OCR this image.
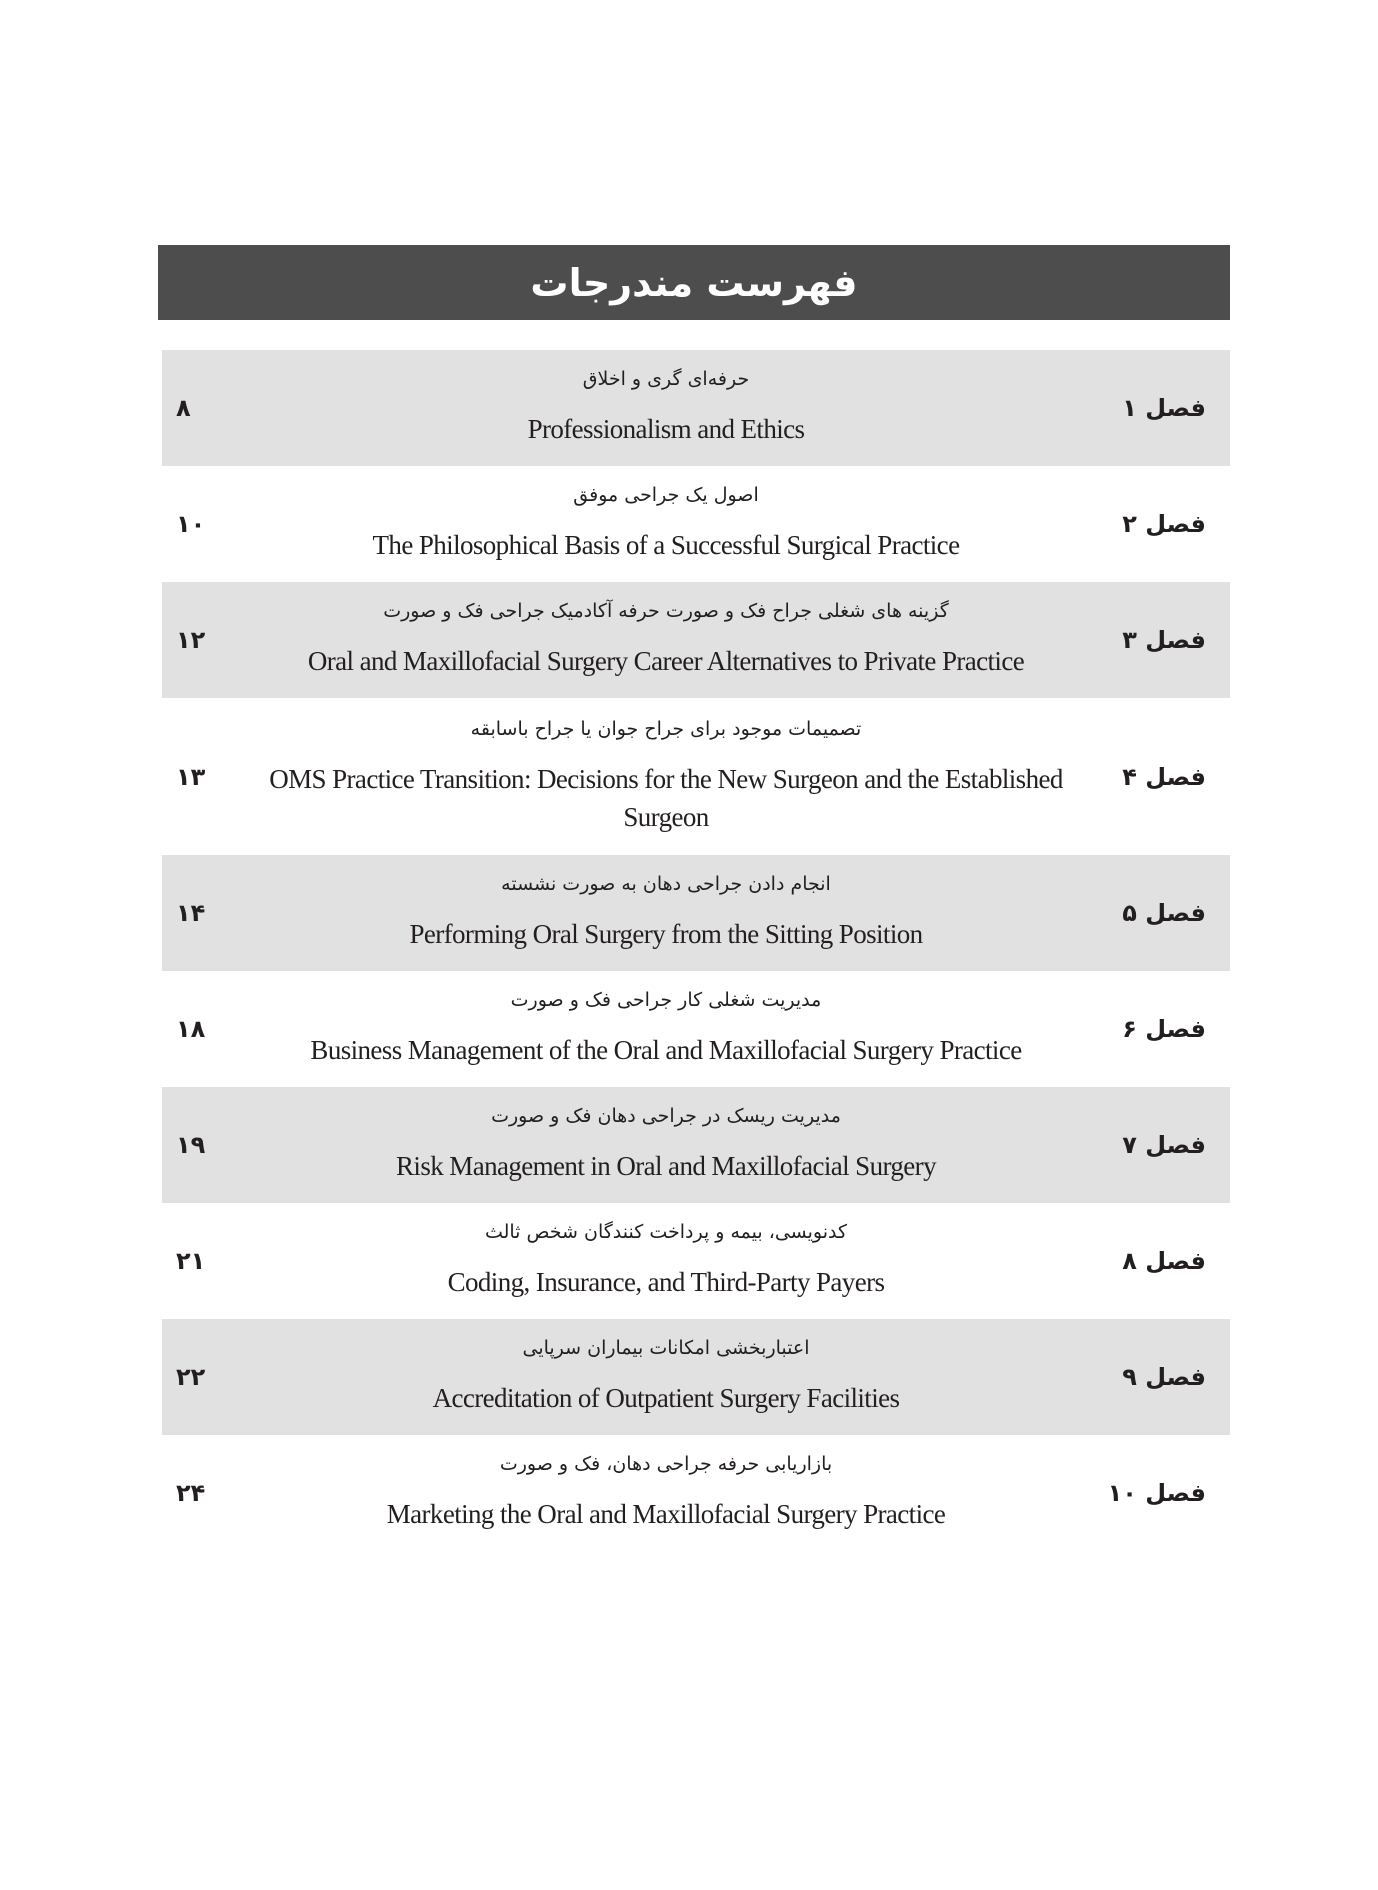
فهرست مندرجات
۸
حرفه‌ای گری و اخلاق
Professionalism and Ethics
فصل ۱
۱۰
اصول یک جراحی موفق
The Philosophical Basis of a Successful Surgical Practice
فصل ۲
۱۲
گزینه های شغلی جراح فک و صورت حرفه آکادمیک جراحی فک و صورت
Oral and Maxillofacial Surgery Career Alternatives to Private Practice
فصل ۳
۱۳
تصمیمات موجود برای جراح جوان یا جراح باسابقه
OMS Practice Transition: Decisions for the New Surgeon and the Established Surgeon
فصل ۴
۱۴
انجام دادن جراحی دهان به صورت نشسته
Performing Oral Surgery from the Sitting Position
فصل ۵
۱۸
مدیریت شغلی کار جراحی فک و صورت
Business Management of the Oral and Maxillofacial Surgery Practice
فصل ۶
۱۹
مدیریت ریسک در جراحی دهان فک و صورت
Risk Management in Oral and Maxillofacial Surgery
فصل ۷
۲۱
کدنویسی، بیمه و پرداخت کنندگان شخص ثالث
Coding, Insurance, and Third-Party Payers
فصل ۸
۲۲
اعتباربخشی امکانات بیماران سرپایی
Accreditation of Outpatient Surgery Facilities
فصل ۹
۲۴
بازاریابی حرفه جراحی دهان، فک و صورت
Marketing the Oral and Maxillofacial Surgery Practice
فصل ۱۰
